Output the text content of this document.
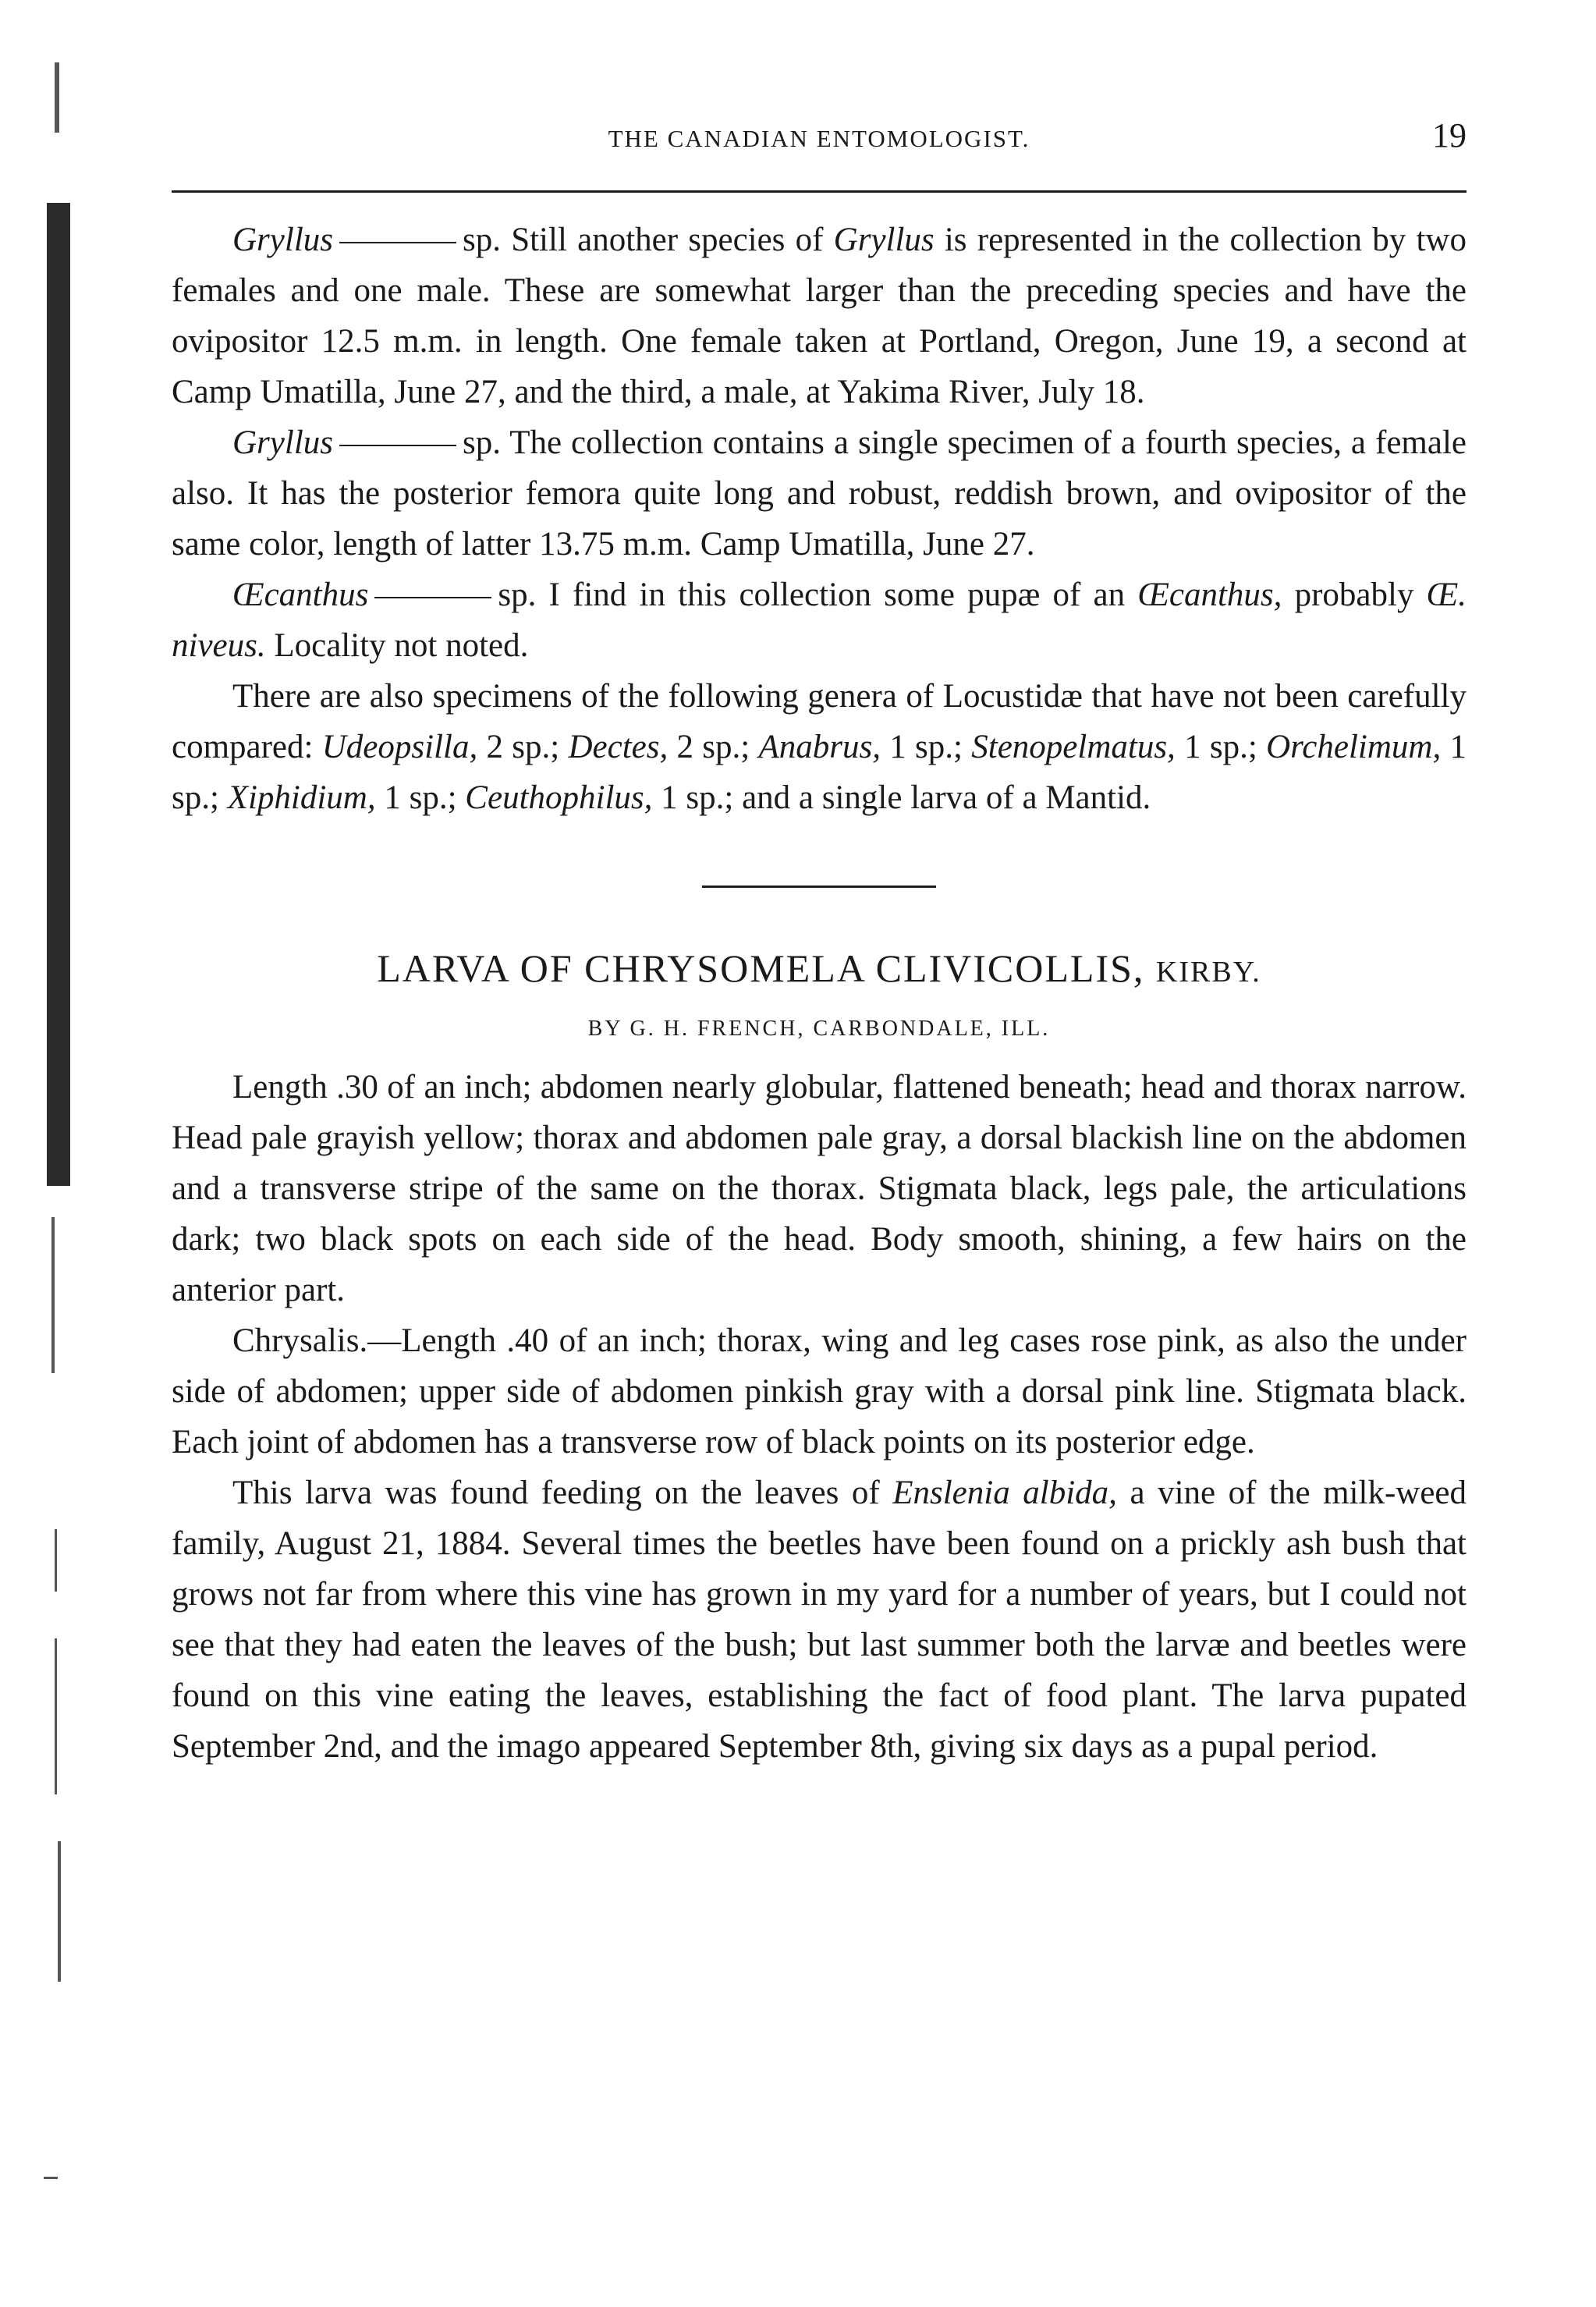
THE CANADIAN ENTOMOLOGIST.	19

Gryllus	sp. Still another species of Gryllus is represented in the collection by two females and one male. These are somewhat larger than the preceding species and have the ovipositor 12.5 m.m. in length. One female taken at Portland, Oregon, June 19, a second at Camp Umatilla, June 27, and the third, a male, at Yakima River, July 18.

Gryllus	sp. The collection contains a single specimen of a fourth species, a female also. It has the posterior femora quite long and robust, reddish brown, and ovipositor of the same color, length of latter 13.75 m.m. Camp Umatilla, June 27.

Œcanthus	sp. I find in this collection some pupæ of an Œcanthus, probably Œ. niveus. Locality not noted.

There are also specimens of the following genera of Locustidæ that have not been carefully compared: Udeopsilla, 2 sp.; Dectes, 2 sp.; Anabrus, 1 sp.; Stenopelmatus, 1 sp.; Orchelimum, 1 sp.; Xiphidium, 1 sp.; Ceuthophilus, 1 sp.; and a single larva of a Mantid.

LARVA OF CHRYSOMELA CLIVICOLLIS, KIRBY.
BY G. H. FRENCH, CARBONDALE, ILL.

Length .30 of an inch; abdomen nearly globular, flattened beneath; head and thorax narrow. Head pale grayish yellow; thorax and abdomen pale gray, a dorsal blackish line on the abdomen and a transverse stripe of the same on the thorax. Stigmata black, legs pale, the articulations dark; two black spots on each side of the head. Body smooth, shining, a few hairs on the anterior part.

Chrysalis.—Length .40 of an inch; thorax, wing and leg cases rose pink, as also the under side of abdomen; upper side of abdomen pinkish gray with a dorsal pink line. Stigmata black. Each joint of abdomen has a transverse row of black points on its posterior edge.

This larva was found feeding on the leaves of Enslenia albida, a vine of the milk-weed family, August 21, 1884. Several times the beetles have been found on a prickly ash bush that grows not far from where this vine has grown in my yard for a number of years, but I could not see that they had eaten the leaves of the bush; but last summer both the larvæ and beetles were found on this vine eating the leaves, establishing the fact of food plant. The larva pupated September 2nd, and the imago appeared September 8th, giving six days as a pupal period.
